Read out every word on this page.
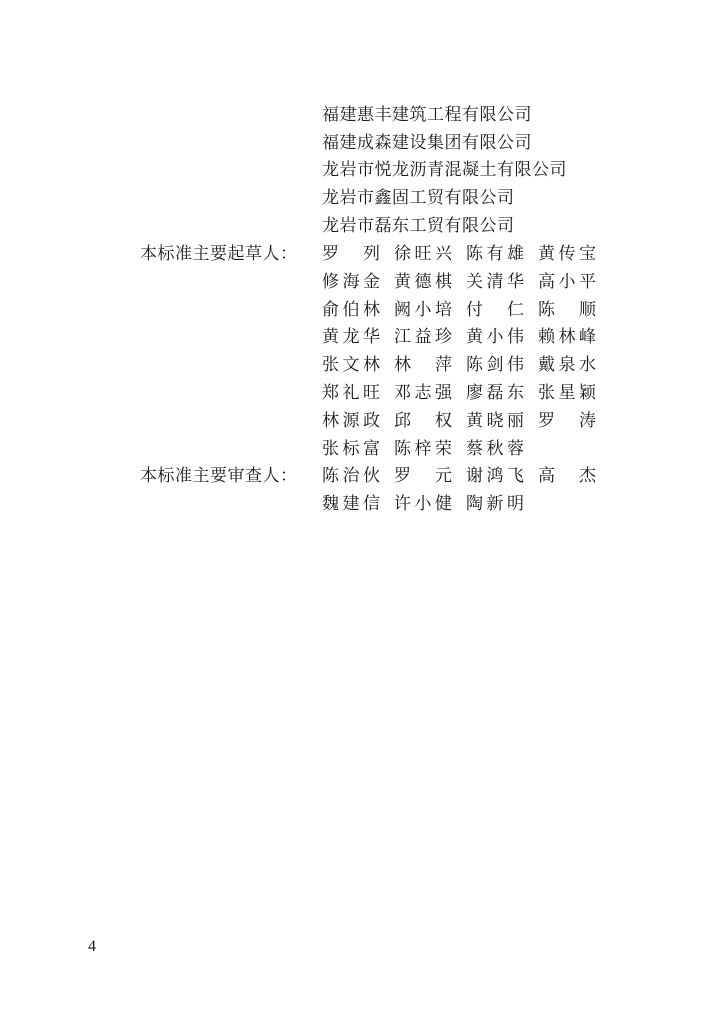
福建惠丰建筑工程有限公司
福建成森建设集团有限公司
龙岩市悦龙沥青混凝土有限公司
龙岩市鑫固工贸有限公司
龙岩市磊东工贸有限公司
本标准主要起草人： 罗 列 徐 旺 兴 陈 有 雄 黄 传 宝
修 海 金 黄 德 棋 关 清 华 高 小 平
俞 伯 林 阙 小 培 付 仁 陈 顺
黄 龙 华 江 益 珍 黄 小 伟 赖 林 峰
张 文 林 林 萍 陈 剑 伟 戴 泉 水
郑 礼 旺 邓 志 强 廖 磊 东 张 星 颖
林 源 政 邱 权 黄 晓 丽 罗 涛
张 标 富 陈 梓 荣 蔡 秋 蓉
本标准主要审查人： 陈 治 伙 罗 元 谢 鸿 飞 高 杰
魏 建 信 许 小 健 陶 新 明
4
